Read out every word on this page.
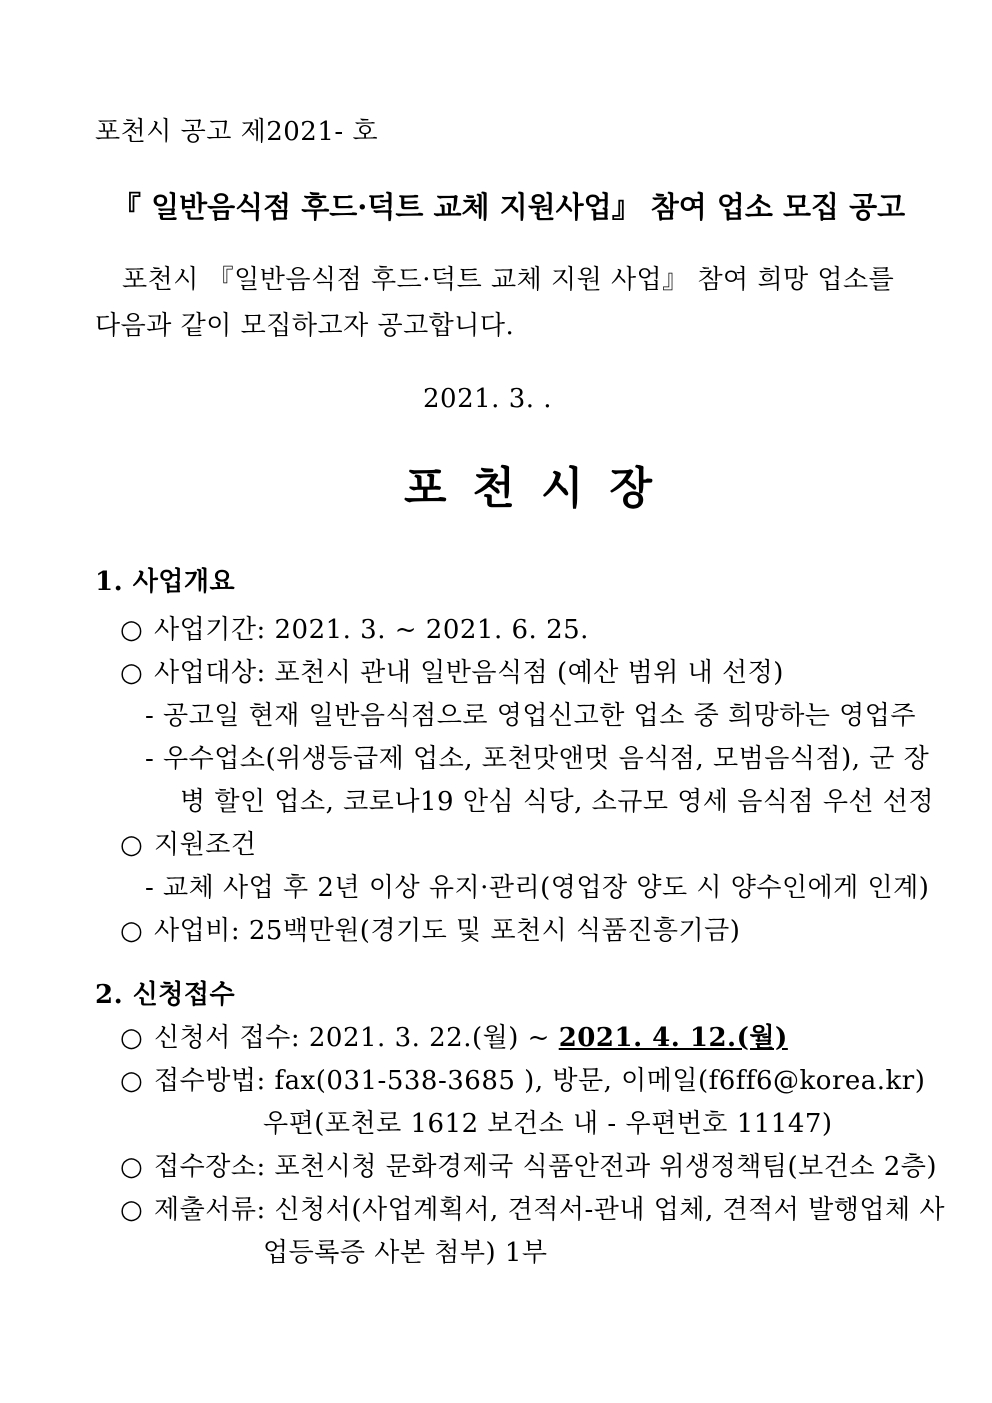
포천시 공고 제2021- 호
『 일반음식점 후드·덕트 교체 지원사업』 참여 업소 모집 공고
포천시 『일반음식점 후드·덕트 교체 지원 사업』 참여 희망 업소를
다음과 같이 모집하고자 공고합니다.
2021. 3. .
포천시장
1. 사업개요
○ 사업기간: 2021. 3. ~ 2021. 6. 25.
○ 사업대상: 포천시 관내 일반음식점 (예산 범위 내 선정)
- 공고일 현재 일반음식점으로 영업신고한 업소 중 희망하는 영업주
- 우수업소(위생등급제 업소, 포천맛앤멋 음식점, 모범음식점), 군 장
병 할인 업소, 코로나19 안심 식당, 소규모 영세 음식점 우선 선정
○ 지원조건
- 교체 사업 후 2년 이상 유지·관리(영업장 양도 시 양수인에게 인계)
○ 사업비: 25백만원(경기도 및 포천시 식품진흥기금)
2. 신청접수
○ 신청서 접수: 2021. 3. 22.(월) ~ 2021. 4. 12.(월)
○ 접수방법: fax(031-538-3685 ), 방문, 이메일(f6ff6@korea.kr)
우편(포천로 1612 보건소 내 - 우편번호 11147)
○ 접수장소: 포천시청 문화경제국 식품안전과 위생정책팀(보건소 2층)
○ 제출서류: 신청서(사업계획서, 견적서-관내 업체, 견적서 발행업체 사
업등록증 사본 첨부) 1부
